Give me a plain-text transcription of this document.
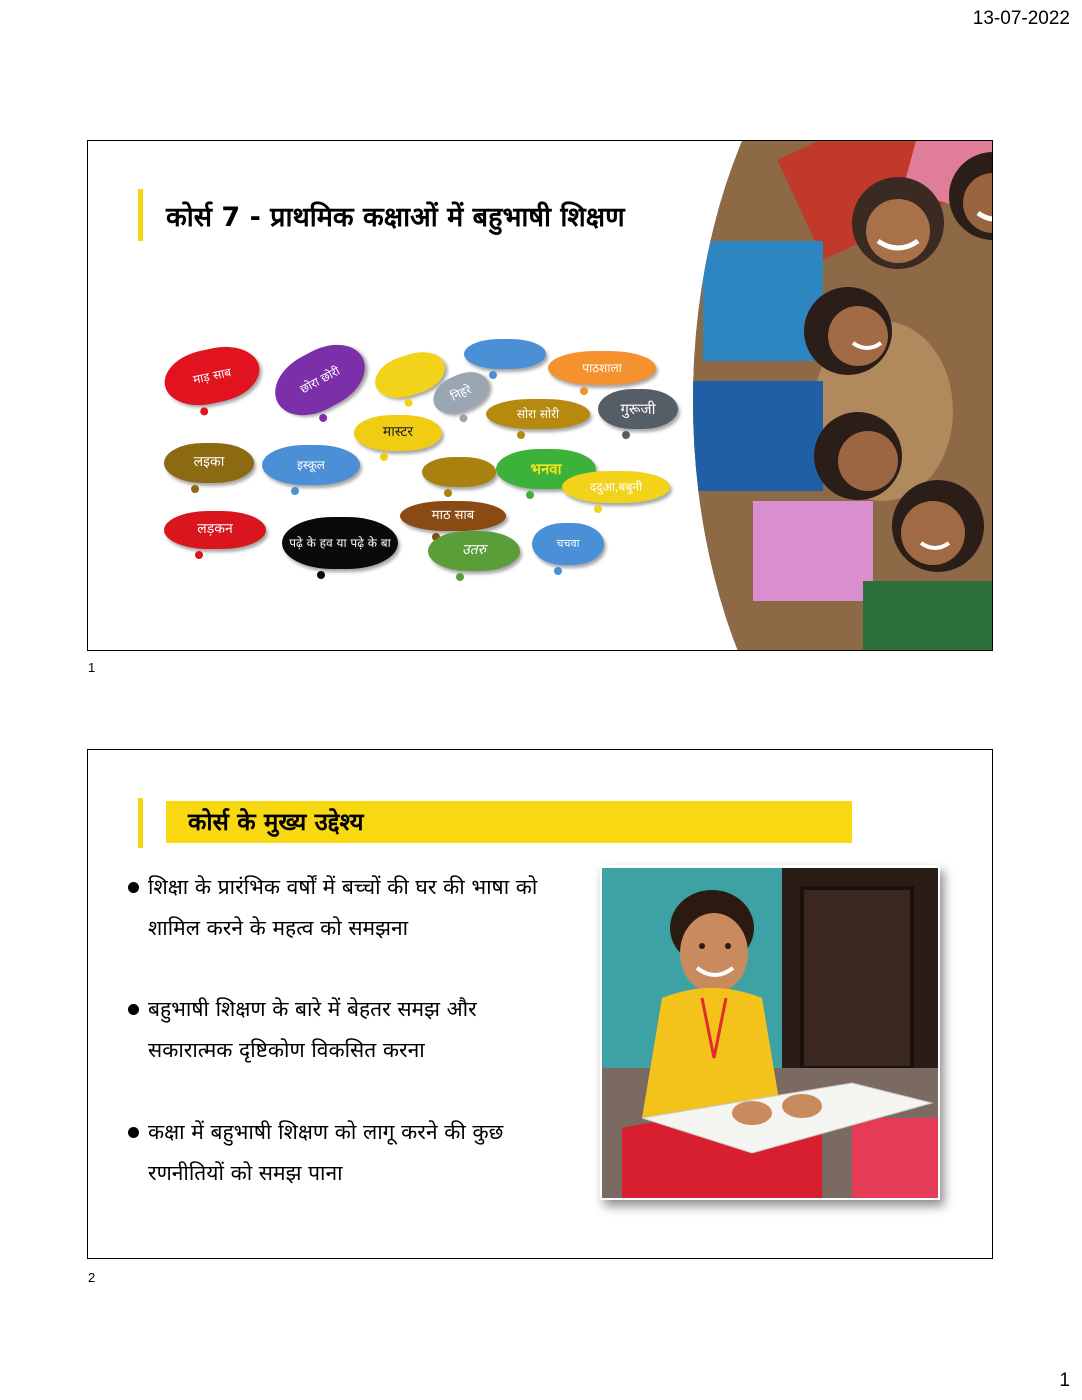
13-07-2022
कोर्स 7 - प्राथमिक कक्षाओं में बहुभाषी शिक्षण
माड़ साब	छोरा छोरी	पाठशाला
निहरे
गुरूजी
सोरा सोरी
मास्टर
लइका	इस्कूल	भनवा
ददुआ,बबुनी
माठ साब
लड़कन
पढ़े के हव या पढ़े के बा	उतरु	चचवा
1
कोर्स के मुख्य उद्देश्य
शिक्षा के प्रारंभिक वर्षों में बच्चों की घर की भाषा को
शामिल करने के महत्व को समझना
बहुभाषी शिक्षण के बारे में बेहतर समझ और
सकारात्मक दृष्टिकोण विकसित करना
कक्षा में बहुभाषी शिक्षण को लागू करने की कुछ
रणनीतियों को समझ पाना
2
1
